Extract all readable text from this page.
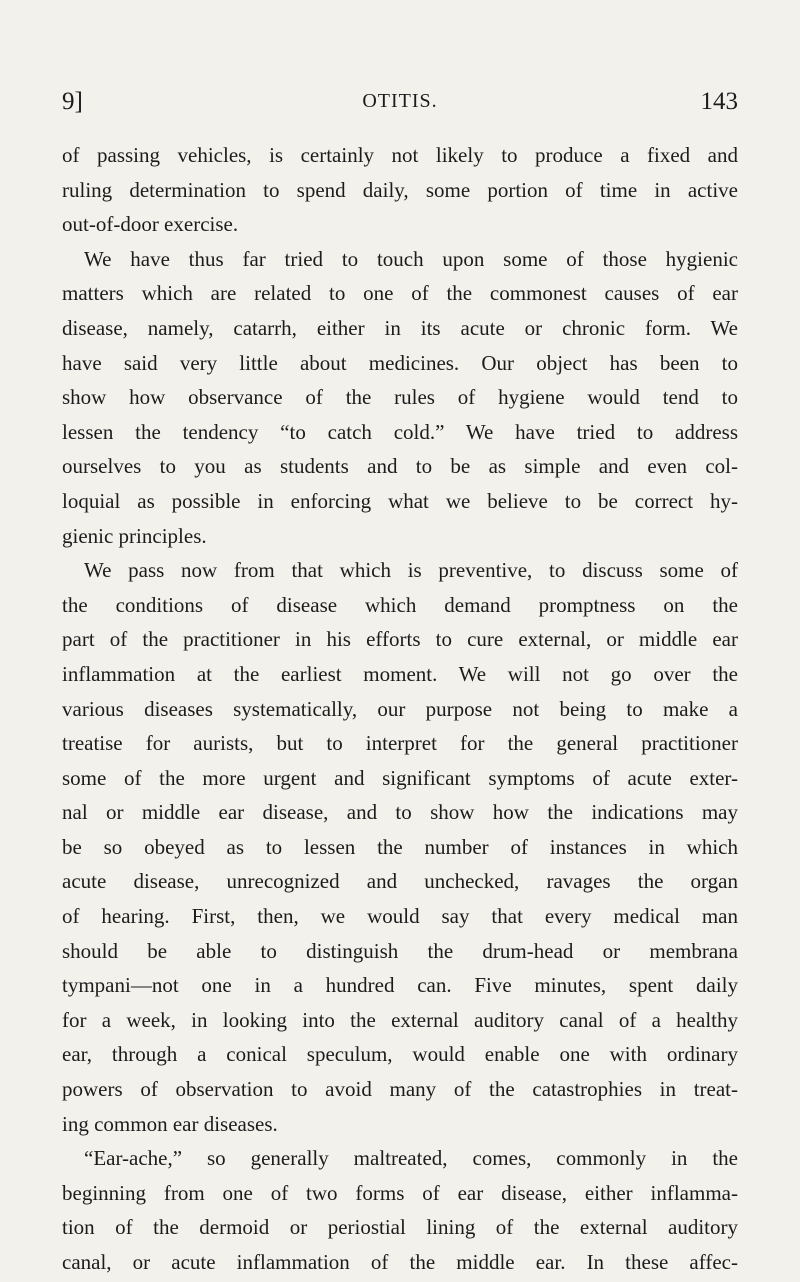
9]	OTITIS.	143
of passing vehicles, is certainly not likely to produce a fixed and
ruling determination to spend daily, some portion of time in active
out-of-door exercise.
We have thus far tried to touch upon some of those hygienic
matters which are related to one of the commonest causes of ear
disease, namely, catarrh, either in its acute or chronic form. We
have said very little about medicines. Our object has been to
show how observance of the rules of hygiene would tend to
lessen the tendency “to catch cold.” We have tried to address
ourselves to you as students and to be as simple and even col-
loquial as possible in enforcing what we believe to be correct hy-
gienic principles.
We pass now from that which is preventive, to discuss some of
the conditions of disease which demand promptness on the
part of the practitioner in his efforts to cure external, or middle ear
inflammation at the earliest moment. We will not go over the
various diseases systematically, our purpose not being to make a
treatise for aurists, but to interpret for the general practitioner
some of the more urgent and significant symptoms of acute exter-
nal or middle ear disease, and to show how the indications may
be so obeyed as to lessen the number of instances in which
acute disease, unrecognized and unchecked, ravages the organ
of hearing. First, then, we would say that every medical man
should be able to distinguish the drum-head or membrana
tympani—not one in a hundred can. Five minutes, spent daily
for a week, in looking into the external auditory canal of a healthy
ear, through a conical speculum, would enable one with ordinary
powers of observation to avoid many of the catastrophies in treat-
ing common ear diseases.
“Ear-ache,” so generally maltreated, comes, commonly in the
beginning from one of two forms of ear disease, either inflamma-
tion of the dermoid or periostial lining of the external auditory
canal, or acute inflammation of the middle ear. In these affec-
